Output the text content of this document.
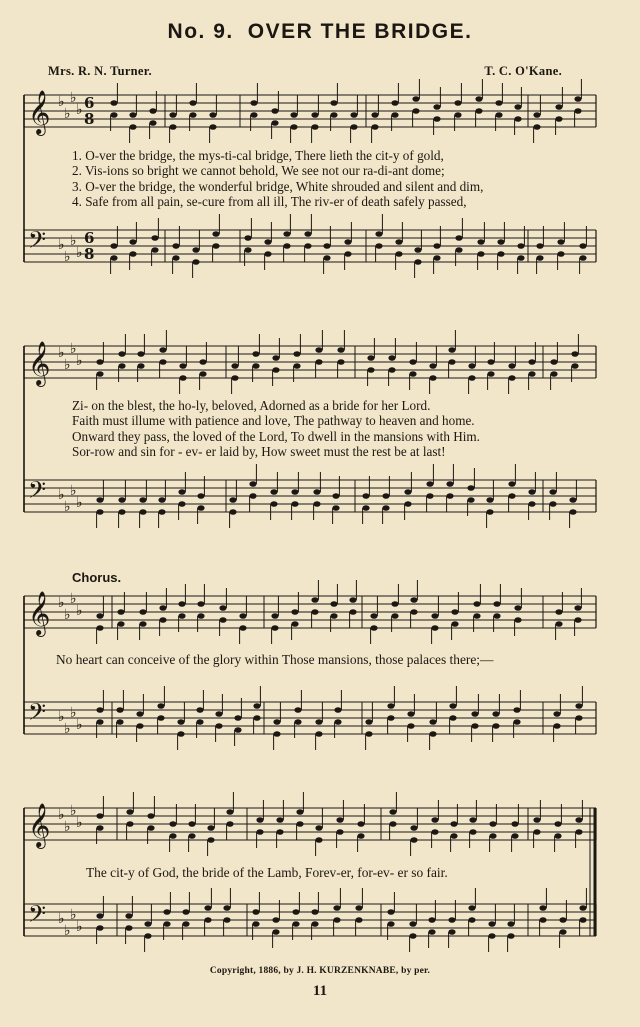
No. 9. OVER THE BRIDGE.
Mrs. R. N. Turner.	T. C. O'Kane.
𝄞 ♭
♭
♭
♭ 6
8
𝄢 ♭
♭
♭
♭
6
8
𝄞 ♭
♭
♭
♭
𝄢 ♭
♭
♭
♭
𝄞 ♭
♭
♭
♭
𝄢 ♭
♭
♭
♭
𝄞 ♭
♭
♭
♭
𝄢 ♭
♭
♭
♭
1. O-ver the bridge, the mys-ti-cal bridge, There lieth the cit-y of gold,
2. Vis-ions so bright we cannot behold, We see not our ra-di-ant dome;
3. O-ver the bridge, the wonderful bridge, White shrouded and silent and dim,
4. Safe from all pain, se-cure from all ill, The riv-er of death safely passed,
Zi- on the blest, the ho-ly, beloved, Adorned as a bride for her Lord.
Faith must illume with patience and love, The pathway to heaven and home.
Onward they pass, the loved of the Lord, To dwell in the mansions with Him.
Sor-row and sin for - ev- er laid by, How sweet must the rest be at last!
Chorus.
No heart can conceive of the glory within Those mansions, those palaces there;—
The cit-y of God, the bride of the Lamb, Forev-er, for-ev- er so fair.
Copyright, 1886, by J. H. KURZENKNABE, by per.
11
